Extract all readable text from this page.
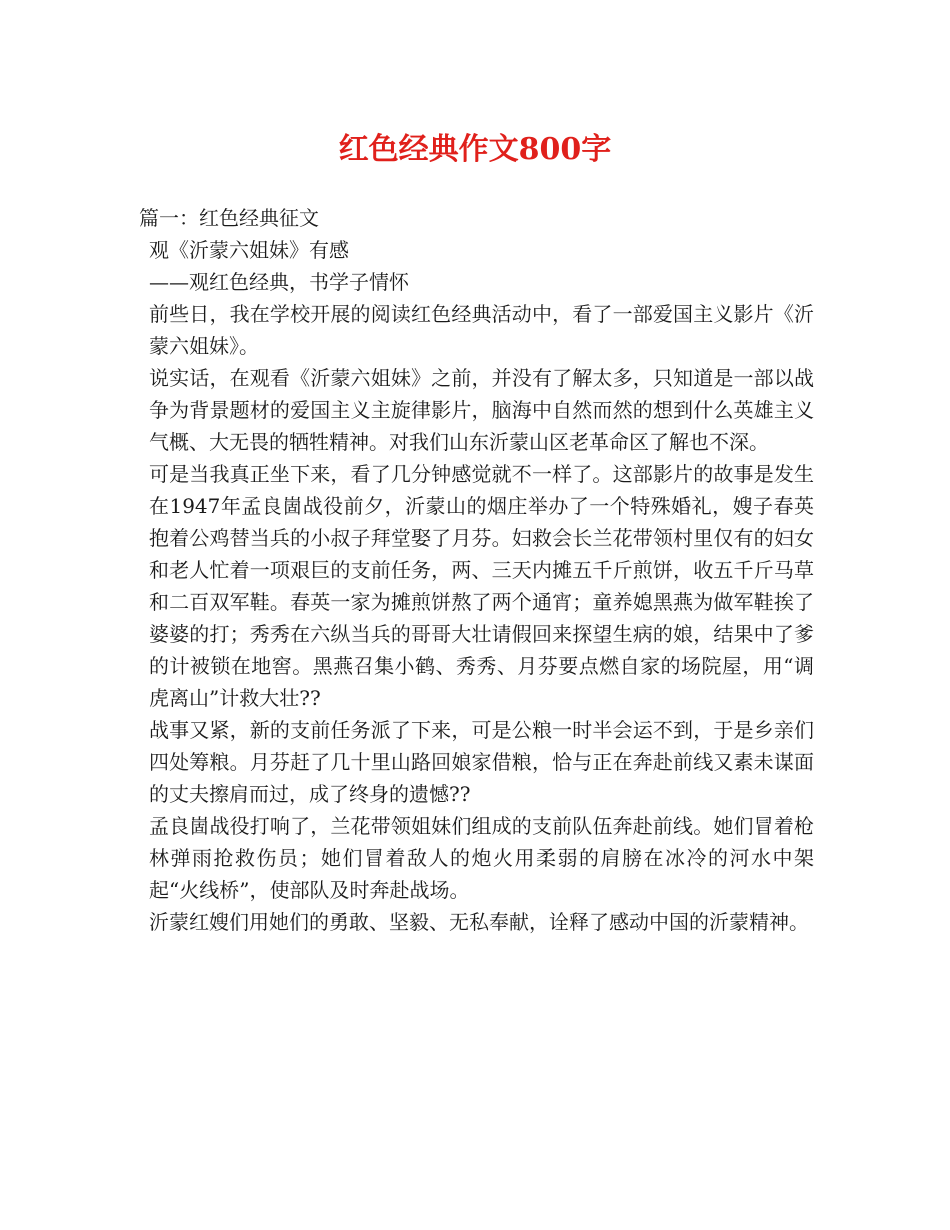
红色经典作文800字

篇一：红色经典征文

观《沂蒙六姐妹》有感

——观红色经典，书学子情怀

前些日，我在学校开展的阅读红色经典活动中，看了一部爱国主义影片《沂蒙六姐妹》。

说实话，在观看《沂蒙六姐妹》之前，并没有了解太多，只知道是一部以战争为背景题材的爱国主义主旋律影片，脑海中自然而然的想到什么英雄主义气概、大无畏的牺牲精神。对我们山东沂蒙山区老革命区了解也不深。

可是当我真正坐下来，看了几分钟感觉就不一样了。这部影片的故事是发生在1947年孟良崮战役前夕，沂蒙山的烟庄举办了一个特殊婚礼，嫂子春英抱着公鸡替当兵的小叔子拜堂娶了月芬。妇救会长兰花带领村里仅有的妇女和老人忙着一项艰巨的支前任务，两、三天内摊五千斤煎饼，收五千斤马草和二百双军鞋。春英一家为摊煎饼熬了两个通宵；童养媳黑燕为做军鞋挨了婆婆的打；秀秀在六纵当兵的哥哥大壮请假回来探望生病的娘，结果中了爹的计被锁在地窖。黑燕召集小鹤、秀秀、月芬要点燃自家的场院屋，用“调虎离山”计救大壮??

战事又紧，新的支前任务派了下来，可是公粮一时半会运不到，于是乡亲们四处筹粮。月芬赶了几十里山路回娘家借粮，恰与正在奔赴前线又素未谋面的丈夫擦肩而过，成了终身的遗憾??

孟良崮战役打响了，兰花带领姐妹们组成的支前队伍奔赴前线。她们冒着枪林弹雨抢救伤员；她们冒着敌人的炮火用柔弱的肩膀在冰冷的河水中架起“火线桥”，使部队及时奔赴战场。

沂蒙红嫂们用她们的勇敢、坚毅、无私奉献，诠释了感动中国的沂蒙精神。
